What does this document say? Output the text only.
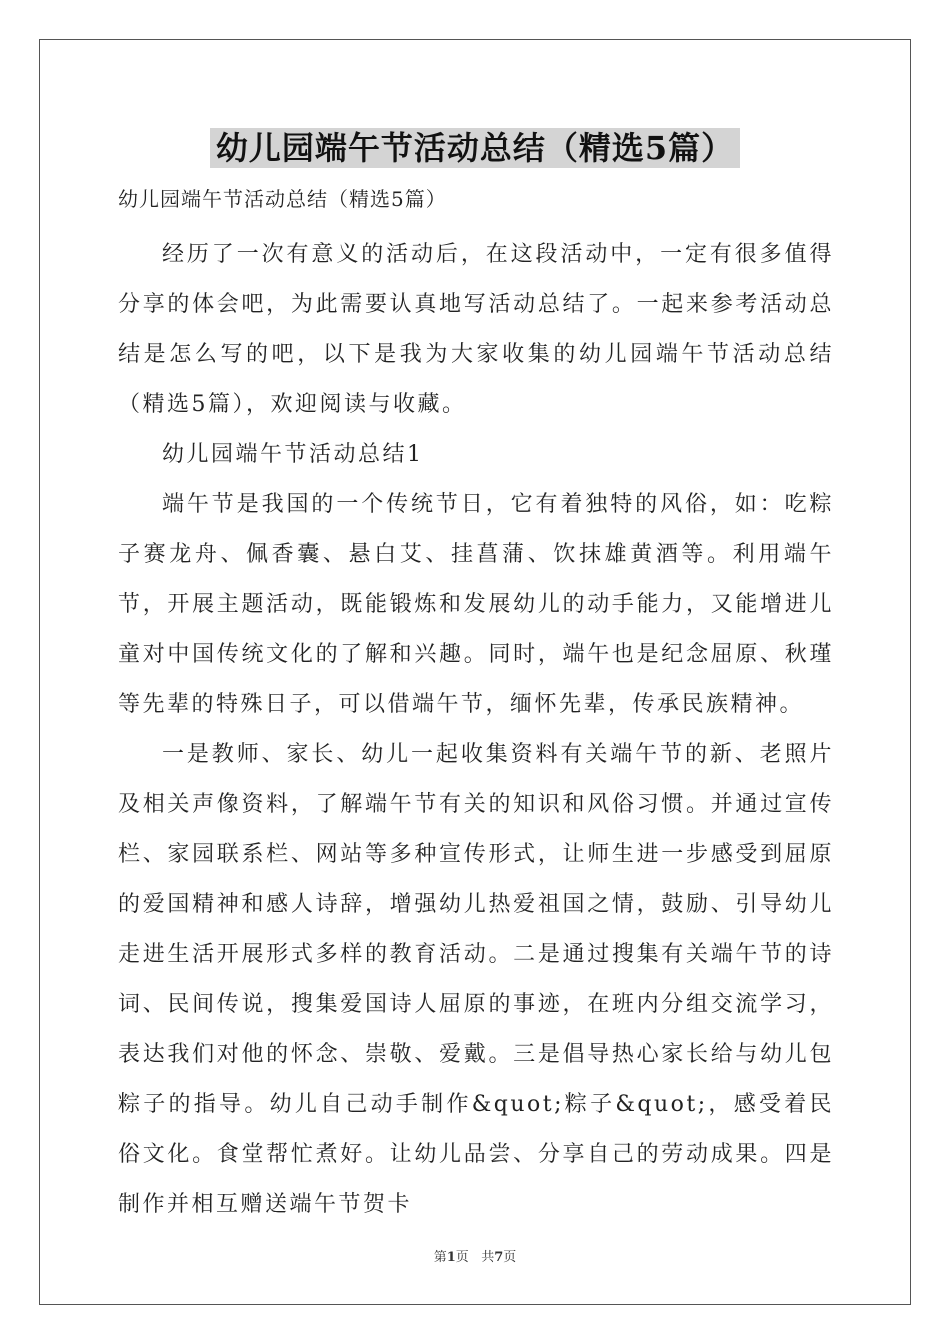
幼儿园端午节活动总结（精选5篇）
幼儿园端午节活动总结（精选5篇）

经历了一次有意义的活动后，在这段活动中，一定有很多值得分享的体会吧，为此需要认真地写活动总结了。一起来参考活动总结是怎么写的吧，以下是我为大家收集的幼儿园端午节活动总结（精选5篇），欢迎阅读与收藏。

幼儿园端午节活动总结1

端午节是我国的一个传统节日，它有着独特的风俗，如：吃粽子赛龙舟、佩香囊、悬白艾、挂菖蒲、饮抹雄黄酒等。利用端午节，开展主题活动，既能锻炼和发展幼儿的动手能力，又能增进儿童对中国传统文化的了解和兴趣。同时，端午也是纪念屈原、秋瑾等先辈的特殊日子，可以借端午节，缅怀先辈，传承民族精神。

一是教师、家长、幼儿一起收集资料有关端午节的新、老照片及相关声像资料，了解端午节有关的知识和风俗习惯。并通过宣传栏、家园联系栏、网站等多种宣传形式，让师生进一步感受到屈原的爱国精神和感人诗辞，增强幼儿热爱祖国之情，鼓励、引导幼儿走进生活开展形式多样的教育活动。二是通过搜集有关端午节的诗词、民间传说，搜集爱国诗人屈原的事迹，在班内分组交流学习，表达我们对他的怀念、崇敬、爱戴。三是倡导热心家长给与幼儿包粽子的指导。幼儿自己动手制作&quot;粽子&quot;，感受着民俗文化。食堂帮忙煮好。让幼儿品尝、分享自己的劳动成果。四是制作并相互赠送端午节贺卡

第1页 共7页
